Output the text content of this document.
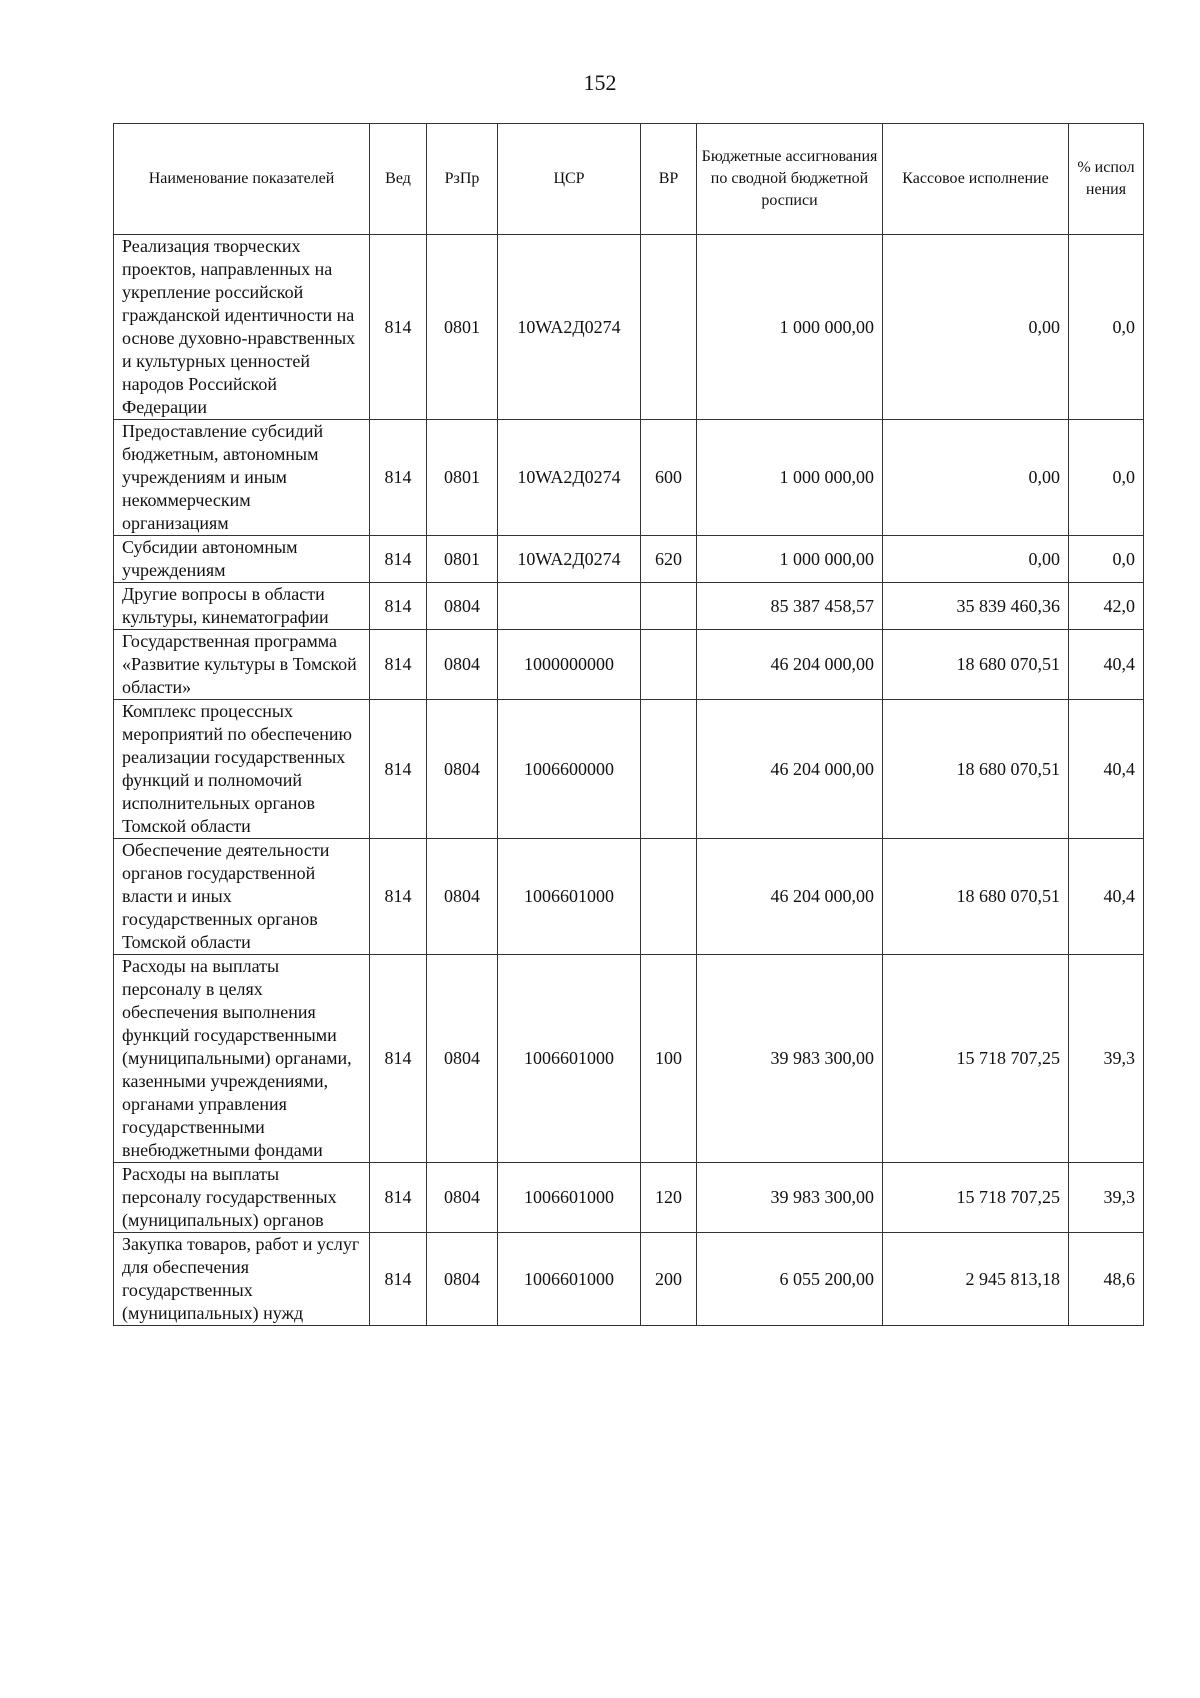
152
Наименование показателей	Вед	РзПр	ЦСР	ВР	Бюджетные ассигнования по сводной бюджетной росписи	Кассовое исполнение	% испол нения
Реализация творческих проектов, направленных на укрепление российской гражданской идентичности на основе духовно-нравственных и культурных ценностей народов Российской Федерации	814	0801	10WA2Д0274		1 000 000,00	0,00	0,0
Предоставление субсидий бюджетным, автономным учреждениям и иным некоммерческим организациям	814	0801	10WA2Д0274	600	1 000 000,00	0,00	0,0
Субсидии автономным учреждениям	814	0801	10WA2Д0274	620	1 000 000,00	0,00	0,0
Другие вопросы в области культуры, кинематографии	814	0804			85 387 458,57	35 839 460,36	42,0
Государственная программа «Развитие культуры в Томской области»	814	0804	1000000000		46 204 000,00	18 680 070,51	40,4
Комплекс процессных мероприятий по обеспечению реализации государственных функций и полномочий исполнительных органов Томской области	814	0804	1006600000		46 204 000,00	18 680 070,51	40,4
Обеспечение деятельности органов государственной власти и иных государственных органов Томской области	814	0804	1006601000		46 204 000,00	18 680 070,51	40,4
Расходы на выплаты персоналу в целях обеспечения выполнения функций государственными (муниципальными) органами, казенными учреждениями, органами управления государственными внебюджетными фондами	814	0804	1006601000	100	39 983 300,00	15 718 707,25	39,3
Расходы на выплаты персоналу государственных (муниципальных) органов	814	0804	1006601000	120	39 983 300,00	15 718 707,25	39,3
Закупка товаров, работ и услуг для обеспечения государственных (муниципальных) нужд	814	0804	1006601000	200	6 055 200,00	2 945 813,18	48,6
